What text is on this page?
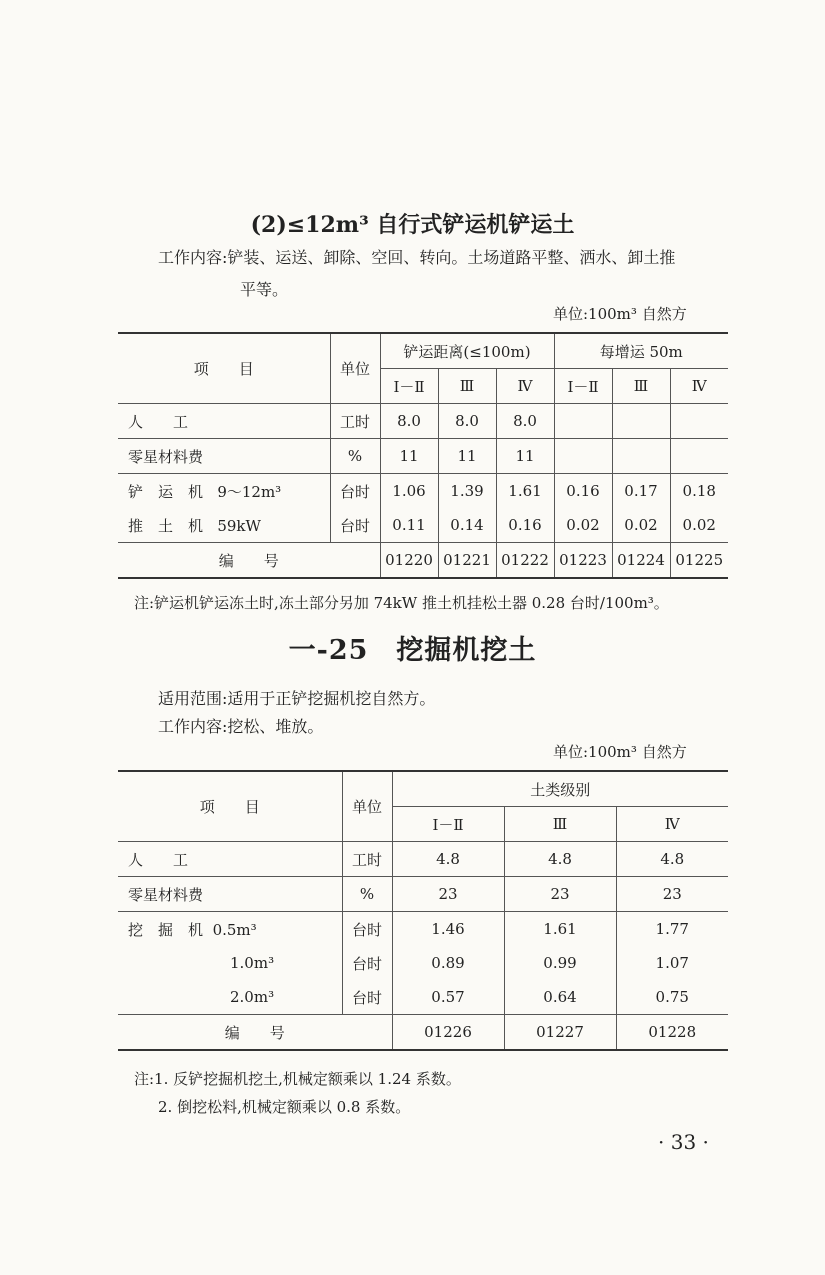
(2)≤12m³ 自行式铲运机铲运土
工作内容:铲装、运送、卸除、空回、转向。土场道路平整、洒水、卸土推
平等。
单位:100m³ 自然方
项　　目	单位	铲运距离(≤100m)			每增运 50m		
		Ⅰ－Ⅱ	Ⅲ	Ⅳ	Ⅰ－Ⅱ	Ⅲ	Ⅳ
人　　工	工时	8.0	8.0	8.0			
零星材料费	%	11	11	11			
铲　运　机 9～12m³	台时	1.06	1.39	1.61	0.16	0.17	0.18
推　土　机 59kW	台时	0.11	0.14	0.16	0.02	0.02	0.02
编　　号		01220	01221	01222	01223	01224	01225
注:铲运机铲运冻土时,冻土部分另加 74kW 推土机挂松土器 0.28 台时/100m³。
一-25　挖掘机挖土
适用范围:适用于正铲挖掘机挖自然方。
工作内容:挖松、堆放。
单位:100m³ 自然方
项　　目	单位	土类级别		
		Ⅰ－Ⅱ	Ⅲ	Ⅳ
人　　工	工时	4.8	4.8	4.8
零星材料费	%	23	23	23
挖　掘　机 0.5m³	台时	1.46	1.61	1.77
1.0m³	台时	0.89	0.99	1.07
2.0m³	台时	0.57	0.64	0.75
编　　号		01226	01227	01228
注:1. 反铲挖掘机挖土,机械定额乘以 1.24 系数。
2. 倒挖松料,机械定额乘以 0.8 系数。
· 33 ·
